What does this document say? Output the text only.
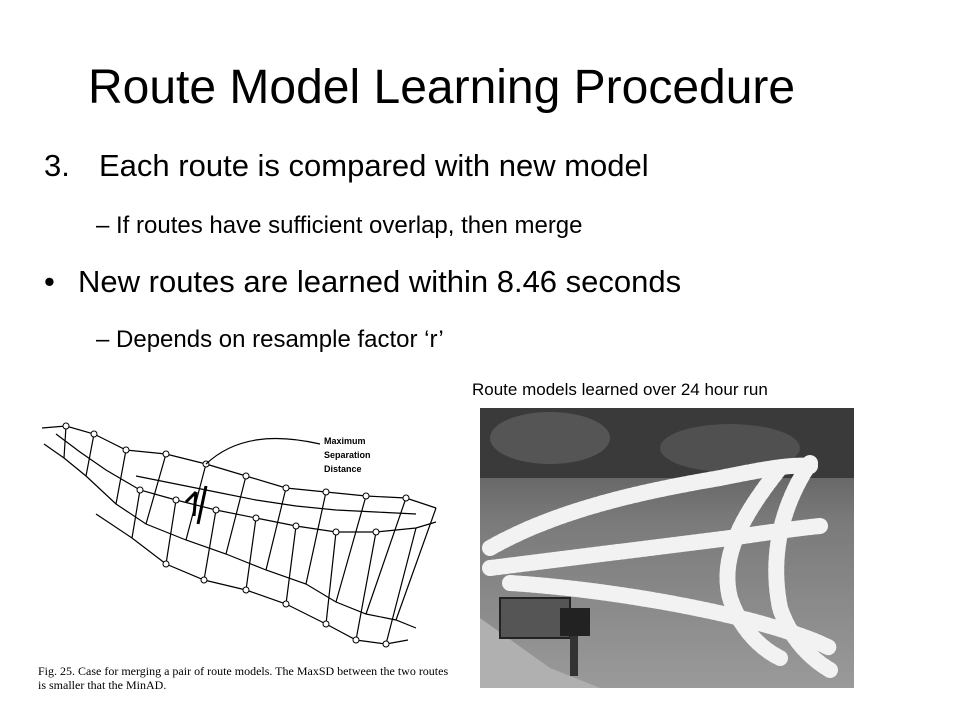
Route Model Learning Procedure
3. Each route is compared with new model
– If routes have sufficient overlap, then merge
• New routes are learned within 8.46 seconds
– Depends on resample factor ‘r’
Route models learned over 24 hour run
Maximum
Separation
Distance
Fig. 25. Case for merging a pair of route models. The MaxSD between the two routes is smaller that the MinAD.
